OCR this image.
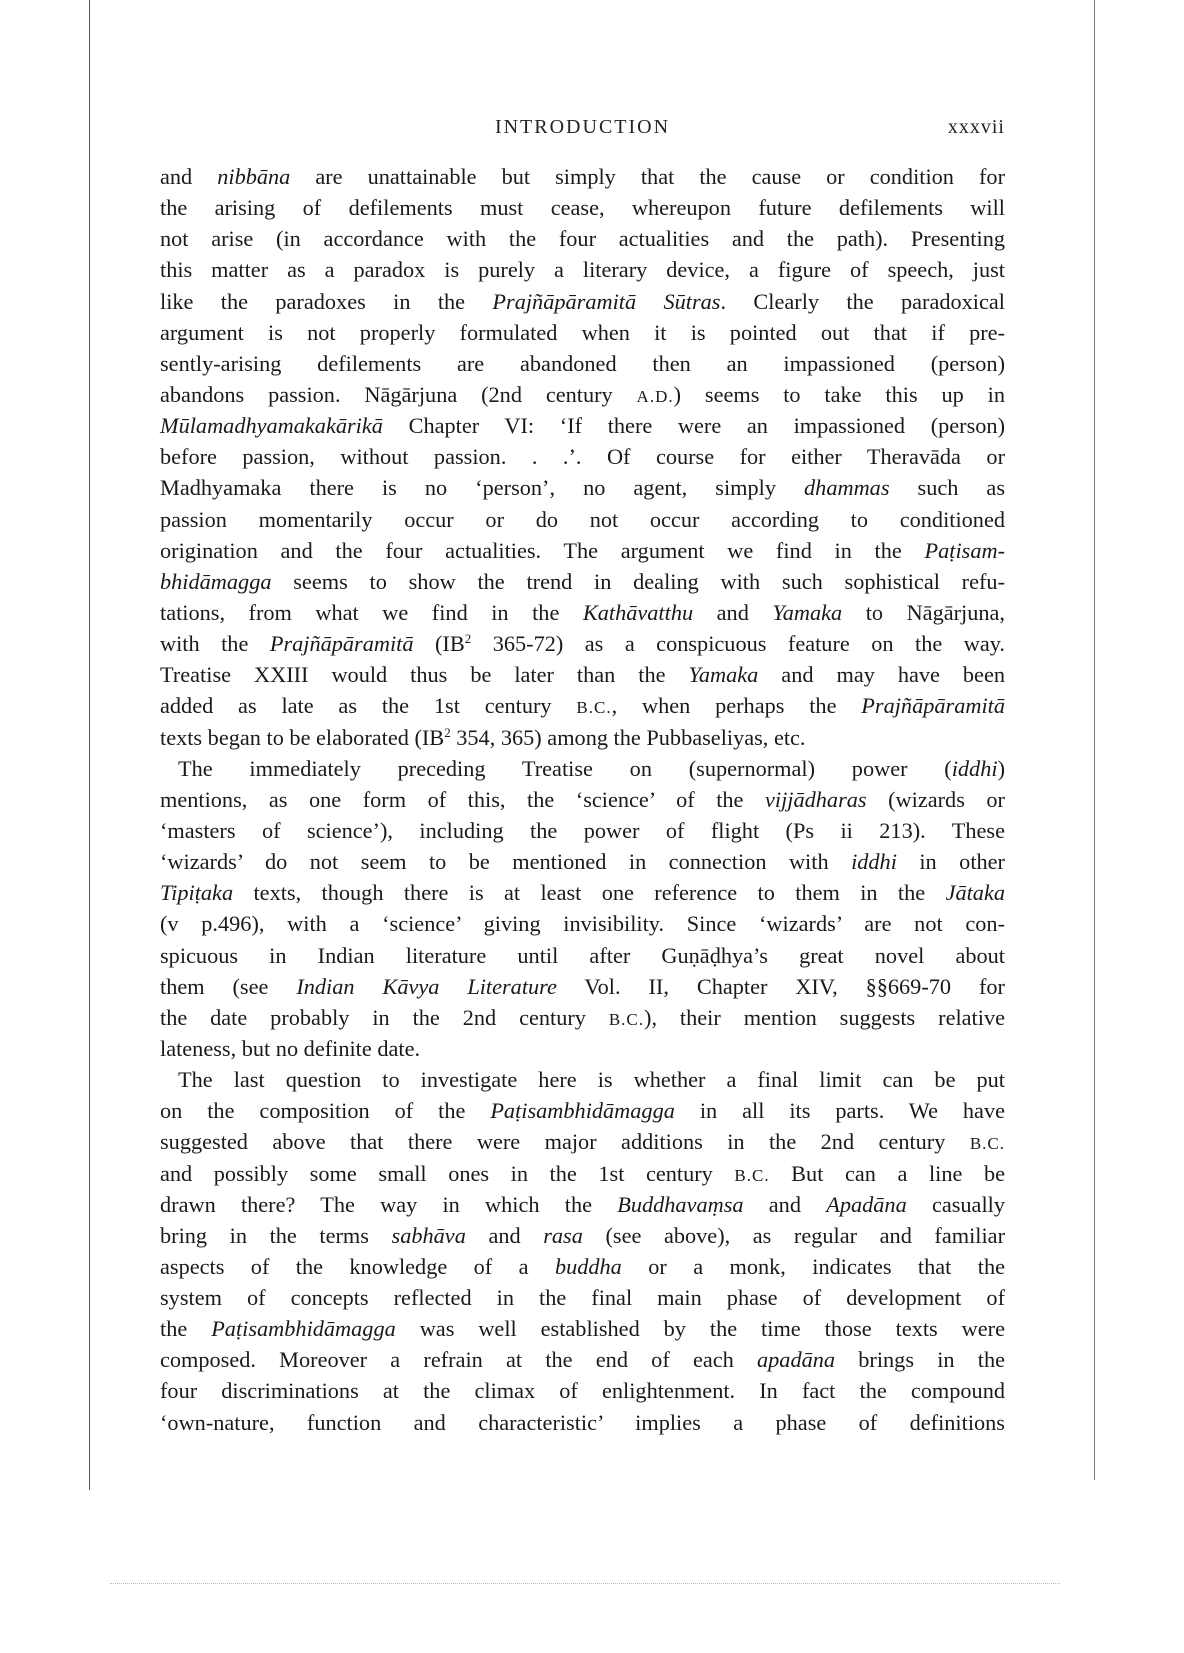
INTRODUCTION	xxxvii
and nibbāna are unattainable but simply that the cause or condition for
the arising of defilements must cease, whereupon future defilements will
not arise (in accordance with the four actualities and the path). Presenting
this matter as a paradox is purely a literary device, a figure of speech, just
like the paradoxes in the Prajñāpāramitā Sūtras. Clearly the paradoxical
argument is not properly formulated when it is pointed out that if pre-
sently-arising defilements are abandoned then an impassioned (person)
abandons passion. Nāgārjuna (2nd century A.D.) seems to take this up in
Mūlamadhyamakakārikā Chapter VI: ‘If there were an impassioned (person)
before passion, without passion. . .’. Of course for either Theravāda or
Madhyamaka there is no ‘person’, no agent, simply dhammas such as
passion momentarily occur or do not occur according to conditioned
origination and the four actualities. The argument we find in the Paṭisam-
bhidāmagga seems to show the trend in dealing with such sophistical refu-
tations, from what we find in the Kathāvatthu and Yamaka to Nāgārjuna,
with the Prajñāpāramitā ($IB^2$ 365-72) as a conspicuous feature on the way.
Treatise XXIII would thus be later than the Yamaka and may have been
added as late as the 1st century B.C., when perhaps the Prajñāpāramitā
texts began to be elaborated ($IB^2$ 354, 365) among the Pubbaseliyas, etc.
The immediately preceding Treatise on (supernormal) power (iddhi)
mentions, as one form of this, the ‘science’ of the vijjādharas (wizards or
‘masters of science’), including the power of flight (Ps ii 213). These
‘wizards’ do not seem to be mentioned in connection with iddhi in other
Tipiṭaka texts, though there is at least one reference to them in the Jātaka
(v p.496), with a ‘science’ giving invisibility. Since ‘wizards’ are not con-
spicuous in Indian literature until after Guṇāḍhya’s great novel about
them (see Indian Kāvya Literature Vol. II, Chapter XIV, §§669-70 for
the date probably in the 2nd century B.C.), their mention suggests relative
lateness, but no definite date.
The last question to investigate here is whether a final limit can be put
on the composition of the Paṭisambhidāmagga in all its parts. We have
suggested above that there were major additions in the 2nd century B.C.
and possibly some small ones in the 1st century B.C. But can a line be
drawn there? The way in which the Buddhavaṃsa and Apadāna casually
bring in the terms sabhāva and rasa (see above), as regular and familiar
aspects of the knowledge of a buddha or a monk, indicates that the
system of concepts reflected in the final main phase of development of
the Paṭisambhidāmagga was well established by the time those texts were
composed. Moreover a refrain at the end of each apadāna brings in the
four discriminations at the climax of enlightenment. In fact the compound
‘own-nature, function and characteristic’ implies a phase of definitions
